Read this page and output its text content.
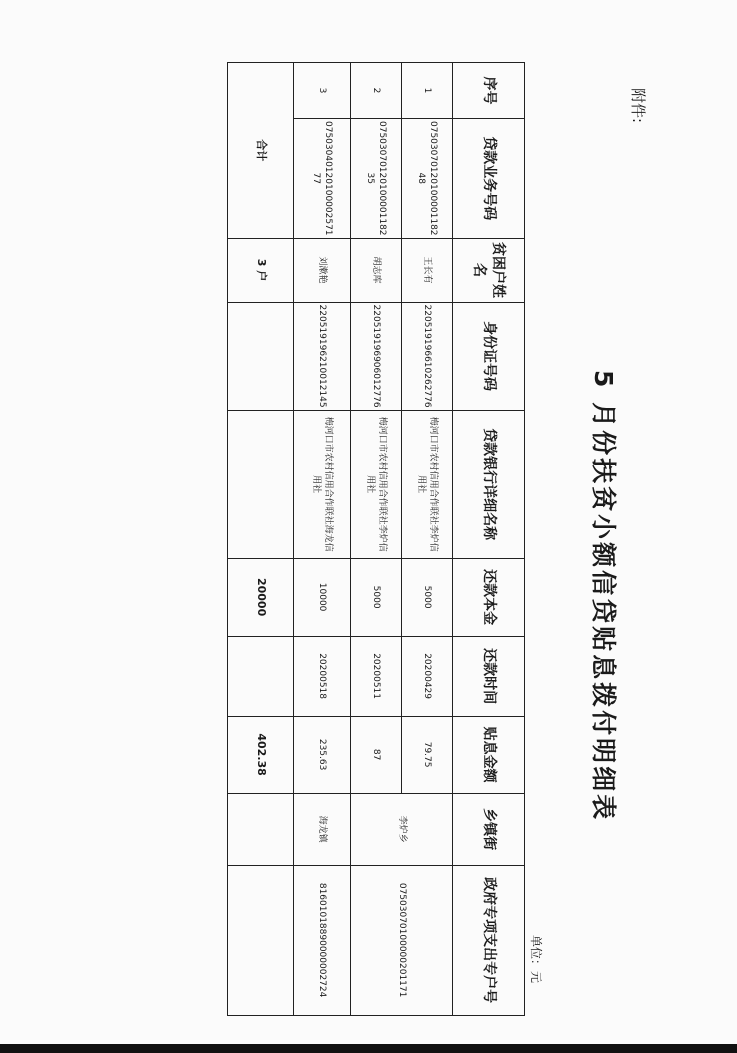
附件:
5 月份扶贫小额信贷贴息拨付明细表
单位：元
序号	贷款业务号码	贫困户姓名	身份证号码	贷款银行详细名称	还款本金	还款时间	贴息金额	乡镇街	政府专项支出专户号
1	07503070120100001182​48	王长有	220519196610262776	梅河口市农村信用合作联社李炉信用社	5000	20200429	79.75	李炉乡	07503070100000201171
2	07503070120100001182​35	胡志库	220519196906012776	梅河口市农村信用合作联社李炉信用社	5000	20200511	87		
3	07503040120100002571​77	刘漱艳	220519196210012145	梅河口市农村信用合作联社海龙信用社	10000	20200518	235.63	海龙镇	81601018890000002724
合计		3 户			20000		402.38		
